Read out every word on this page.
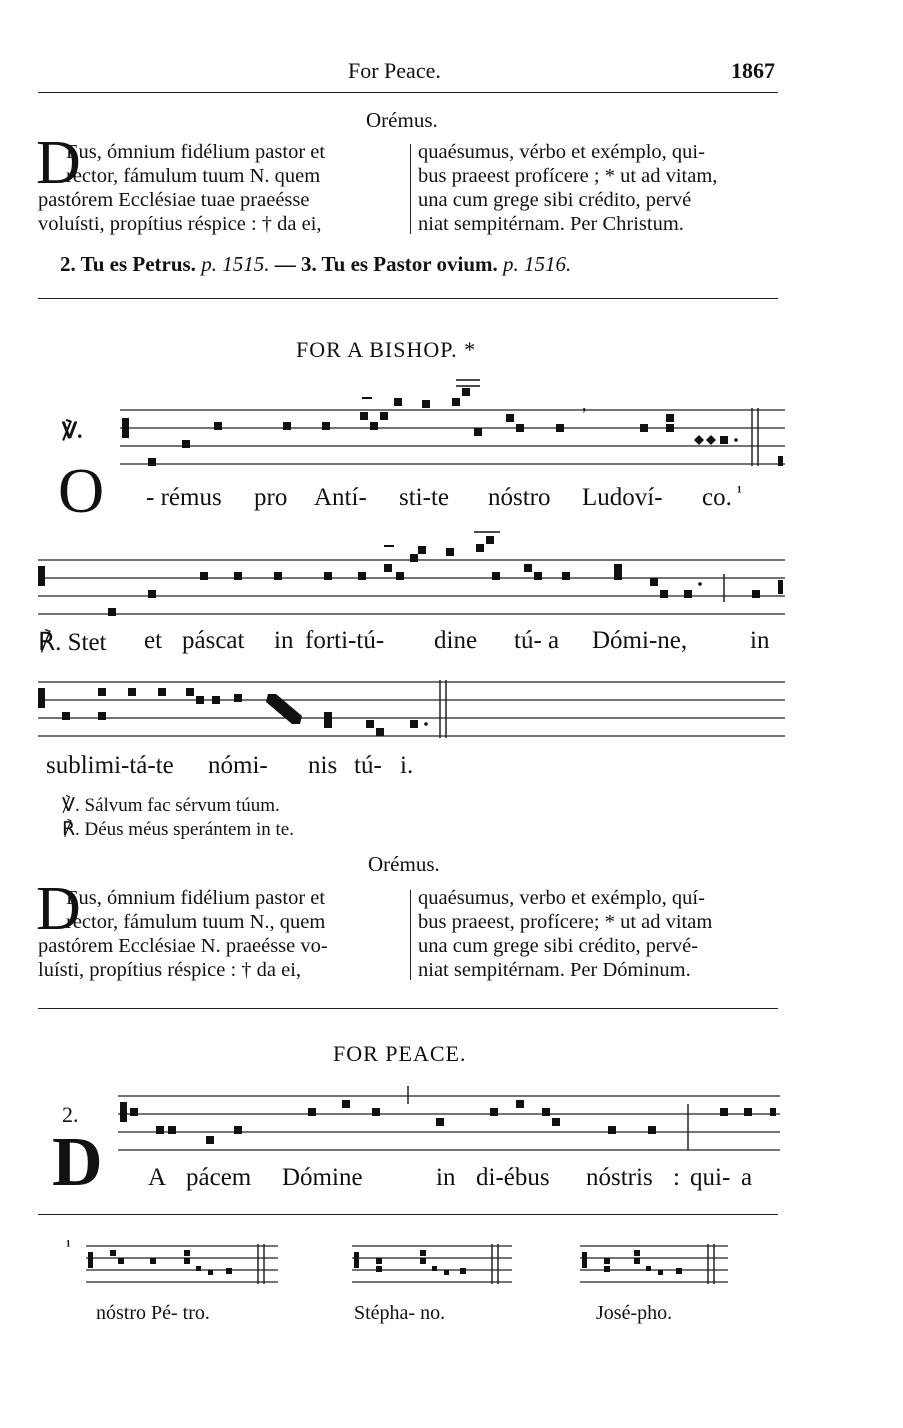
For Peace.	1867
Orémus.
D
Eus, ómnium fidélium pastor et
rector, fámulum tuum N. quem
pastórem Ecclésiae tuae praeésse
voluísti, propítius réspice : † da ei,
quaésumus, vérbo et exémplo, qui-
bus praeest profícere ; * ut ad vitam,
una cum grege sibi crédito, pervé
niat sempitérnam. Per Christum.
2. Tu es Petrus. p. 1515. — 3. Tu es Pastor ovium. p. 1516.
FOR A BISHOP. *
,
℣.
O - rémus pro Antí- sti-te nóstro Ludoví- co. ¹
℟. Stet et páscat in forti-tú- dine tú- a Dómi-ne,	in
sublimi-tá-te nómi- nis tú- i.
℣. Sálvum fac sérvum túum.
℟. Déus méus sperántem in te.
Orémus.
D
Eus, ómnium fidélium pastor et
rector, fámulum tuum N., quem
pastórem Ecclésiae N. praeésse vo-
luísti, propítius réspice : † da ei,
quaésumus, verbo et exémplo, quí-
bus praeest, profícere; * ut ad vitam
una cum grege sibi crédito, pervé-
niat sempitérnam. Per Dóminum.
FOR PEACE.
2.
D A pácem Dómine	in di-ébus nóstris : qui- a
¹
nóstro Pé- tro.	Stépha- no.	José-pho.
